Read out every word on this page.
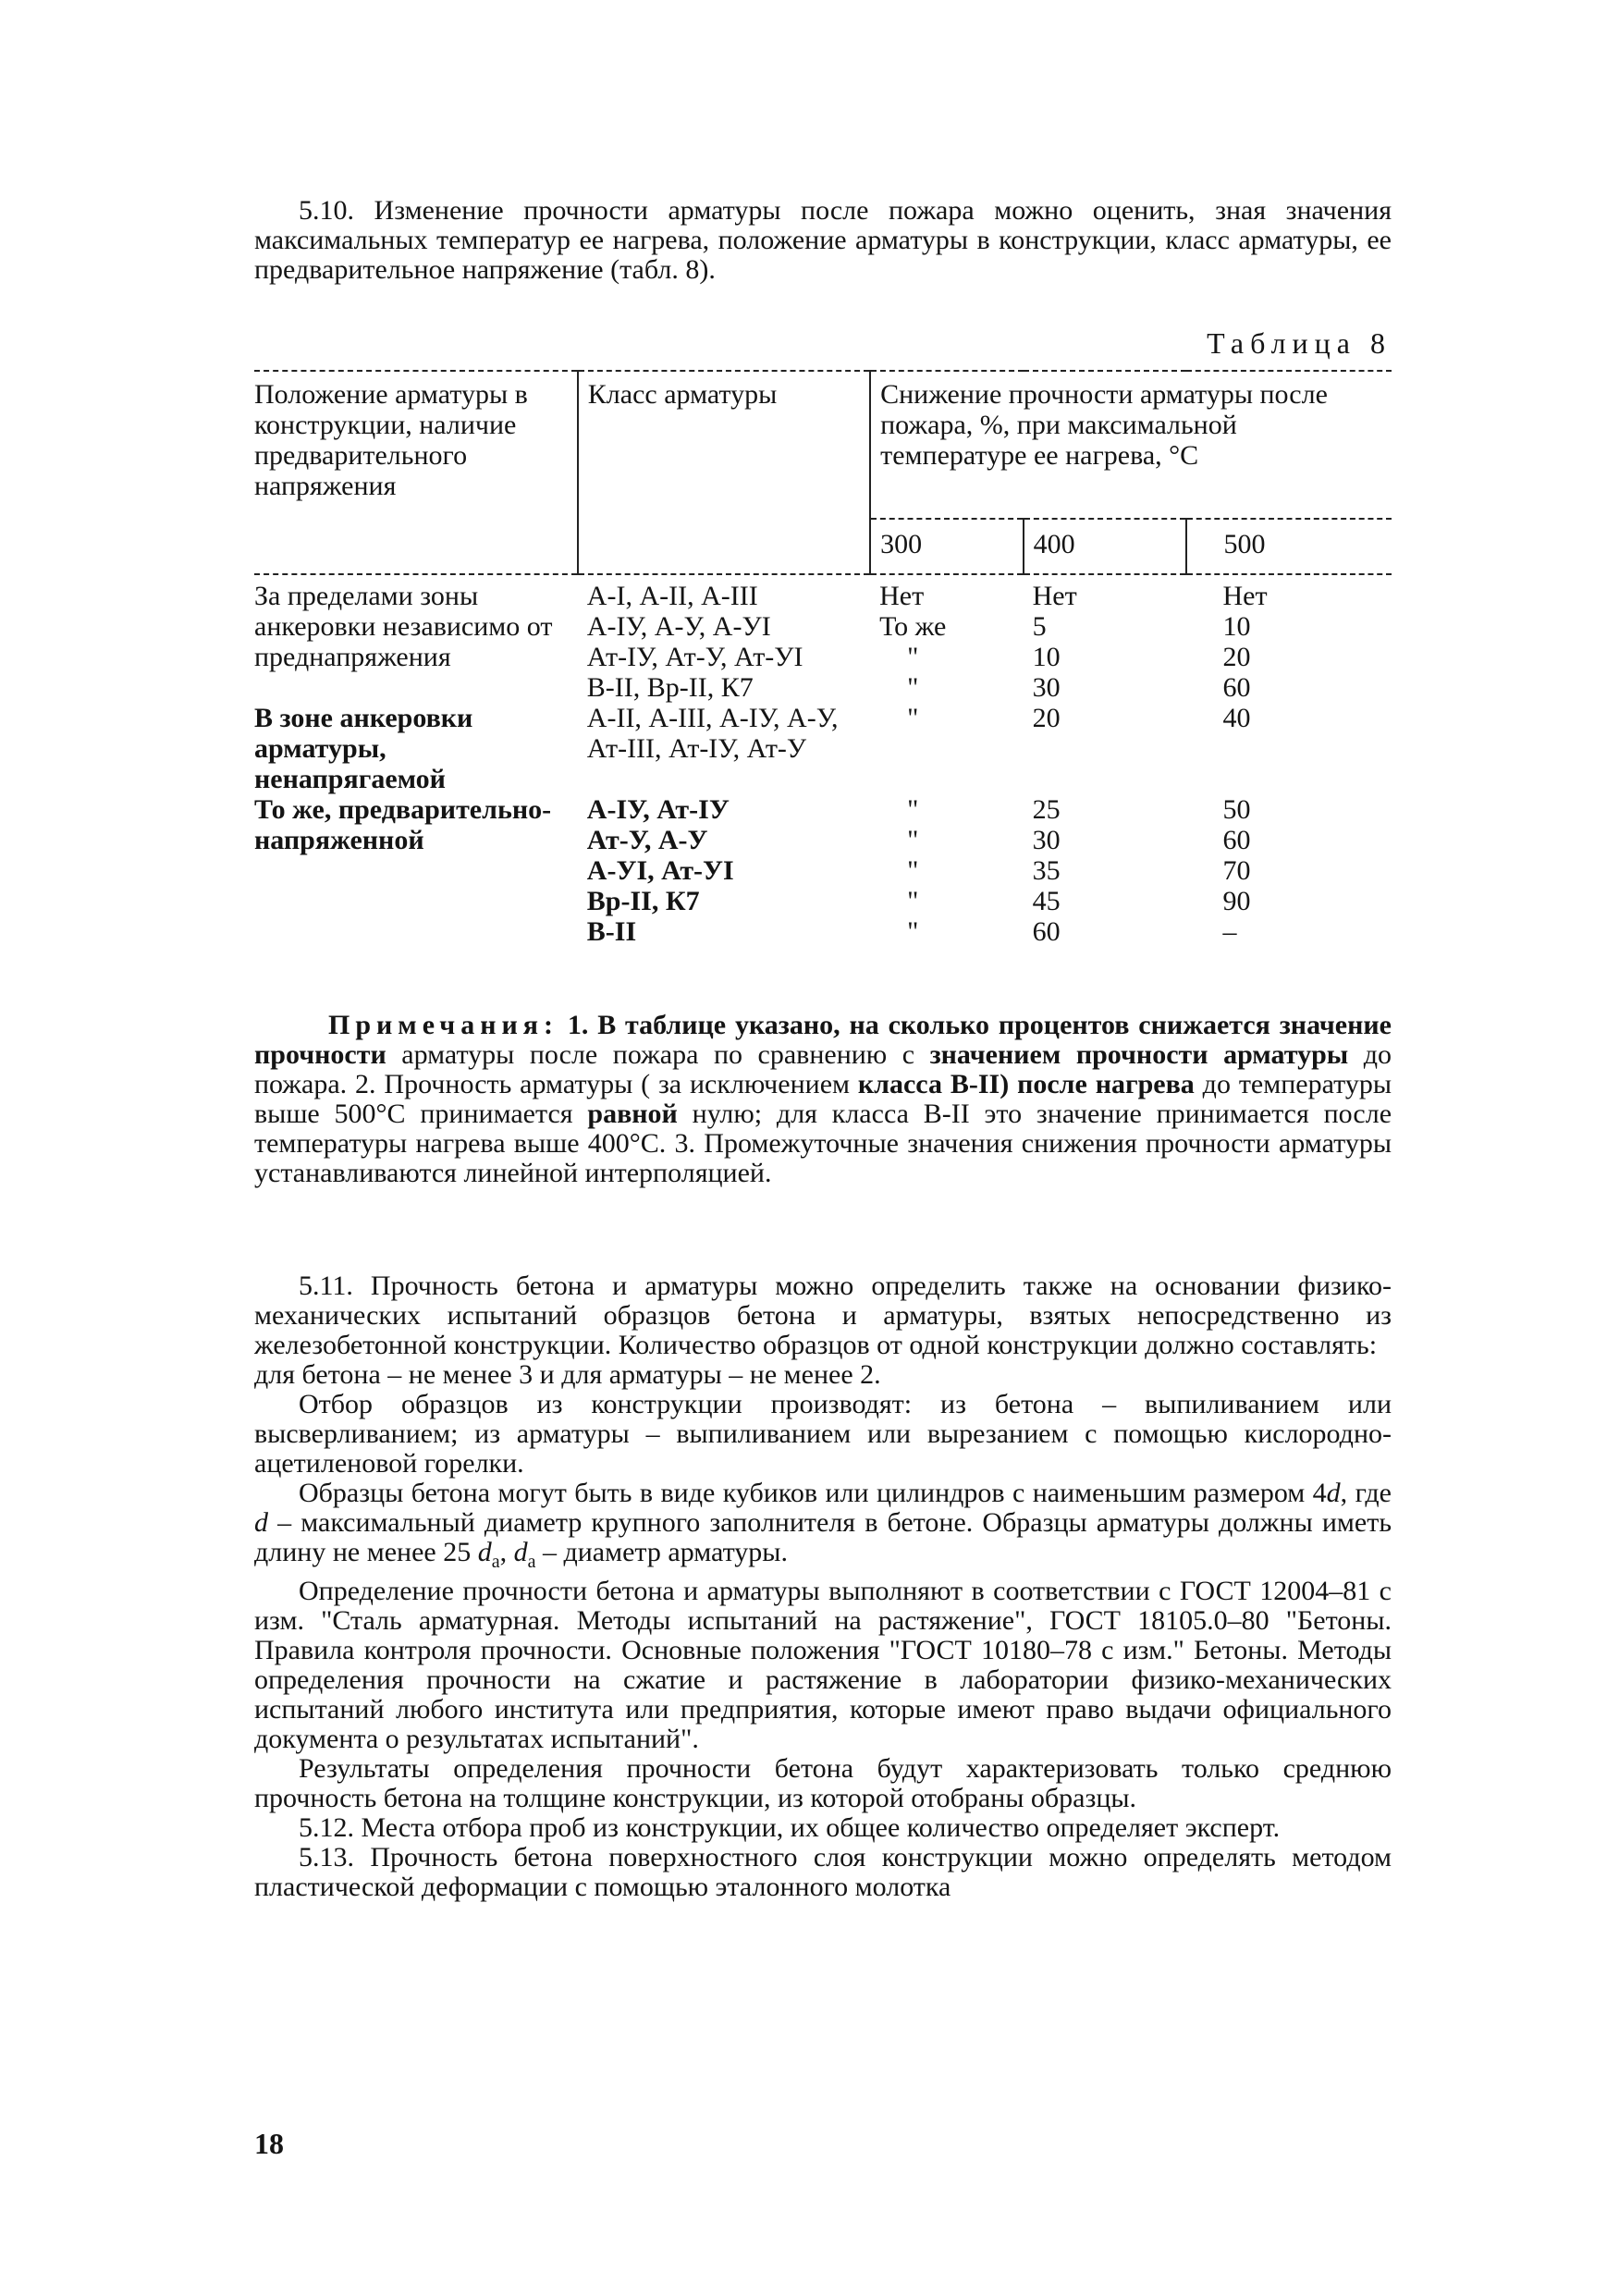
5.10. Изменение прочности арматуры после пожара можно оценить, зная значения максимальных температур ее нагрева, положение арматуры в конструкции, класс арматуры, ее предварительное напряжение (табл. 8).

Таблица 8
Положение арматуры в конструкции, наличие предварительного напряжения	Класс арматуры	Снижение прочности арматуры после пожара, %, при максимальной температуре ее нагрева, °С		
		300	400	500

За пределами зоны анкеровки независимо от преднапряжения	А-I, А-II, А-III	Нет	Нет	Нет
	А-IУ, А-У, А-УI	То же	5	10
	Ат-IУ, Ат-У, Ат-УI	"	10	20
	В-II, Вр-II, К7	"	30	60
В зоне анкеровки арматуры, ненапрягаемой	А-II, А-III, А-IУ, А-У, Ат-III, Ат-IУ, Ат-У	"	20	40
То же, предварительно-напряженной	А-IУ, Ат-IУ	"	25	50
	Ат-У, А-У	"	30	60
	А-УI, Ат-УI	"	35	70
	Вр-II, К7	"	45	90
	В-II	"	60	–

Примечания: 1. В таблице указано, на сколько процентов снижается значение прочности арматуры после пожара по сравнению с значением прочности арматуры до пожара. 2. Прочность арматуры ( за исключением класса В-II) после нагрева до температуры выше 500°С принимается равной нулю; для класса В-II это значение принимается после температуры нагрева выше 400°С. 3. Промежуточные значения снижения прочности арматуры устанавливаются линейной интерполяцией.

5.11. Прочность бетона и арматуры можно определить также на основании физико-механических испытаний образцов бетона и арматуры, взятых непосредственно из железобетонной конструкции. Количество образцов от одной конструкции должно составлять:

для бетона – не менее 3 и для арматуры – не менее 2.

Отбор образцов из конструкции производят: из бетона – выпиливанием или высверливанием; из арматуры – выпиливанием или вырезанием с помощью кислородно-ацетиленовой горелки.

Образцы бетона могут быть в виде кубиков или цилиндров с наименьшим размером 4d, где d – максимальный диаметр крупного заполнителя в бетоне. Образцы арматуры должны иметь длину не менее 25 $d_a$, $d_a$ – диаметр арматуры.

Определение прочности бетона и арматуры выполняют в соответствии с ГОСТ 12004–81 с изм. "Сталь арматурная. Методы испытаний на растяжение", ГОСТ 18105.0–80 "Бетоны. Правила контроля прочности. Основные положения "ГОСТ 10180–78 с изм." Бетоны. Методы определения прочности на сжатие и растяжение в лаборатории физико-механических испытаний любого института или предприятия, которые имеют право выдачи официального документа о результатах испытаний".

Результаты определения прочности бетона будут характеризовать только среднюю прочность бетона на толщине конструкции, из которой отобраны образцы.

5.12. Места отбора проб из конструкции, их общее количество определяет эксперт.

5.13. Прочность бетона поверхностного слоя конструкции можно определять методом пластической деформации с помощью эталонного молотка

18
